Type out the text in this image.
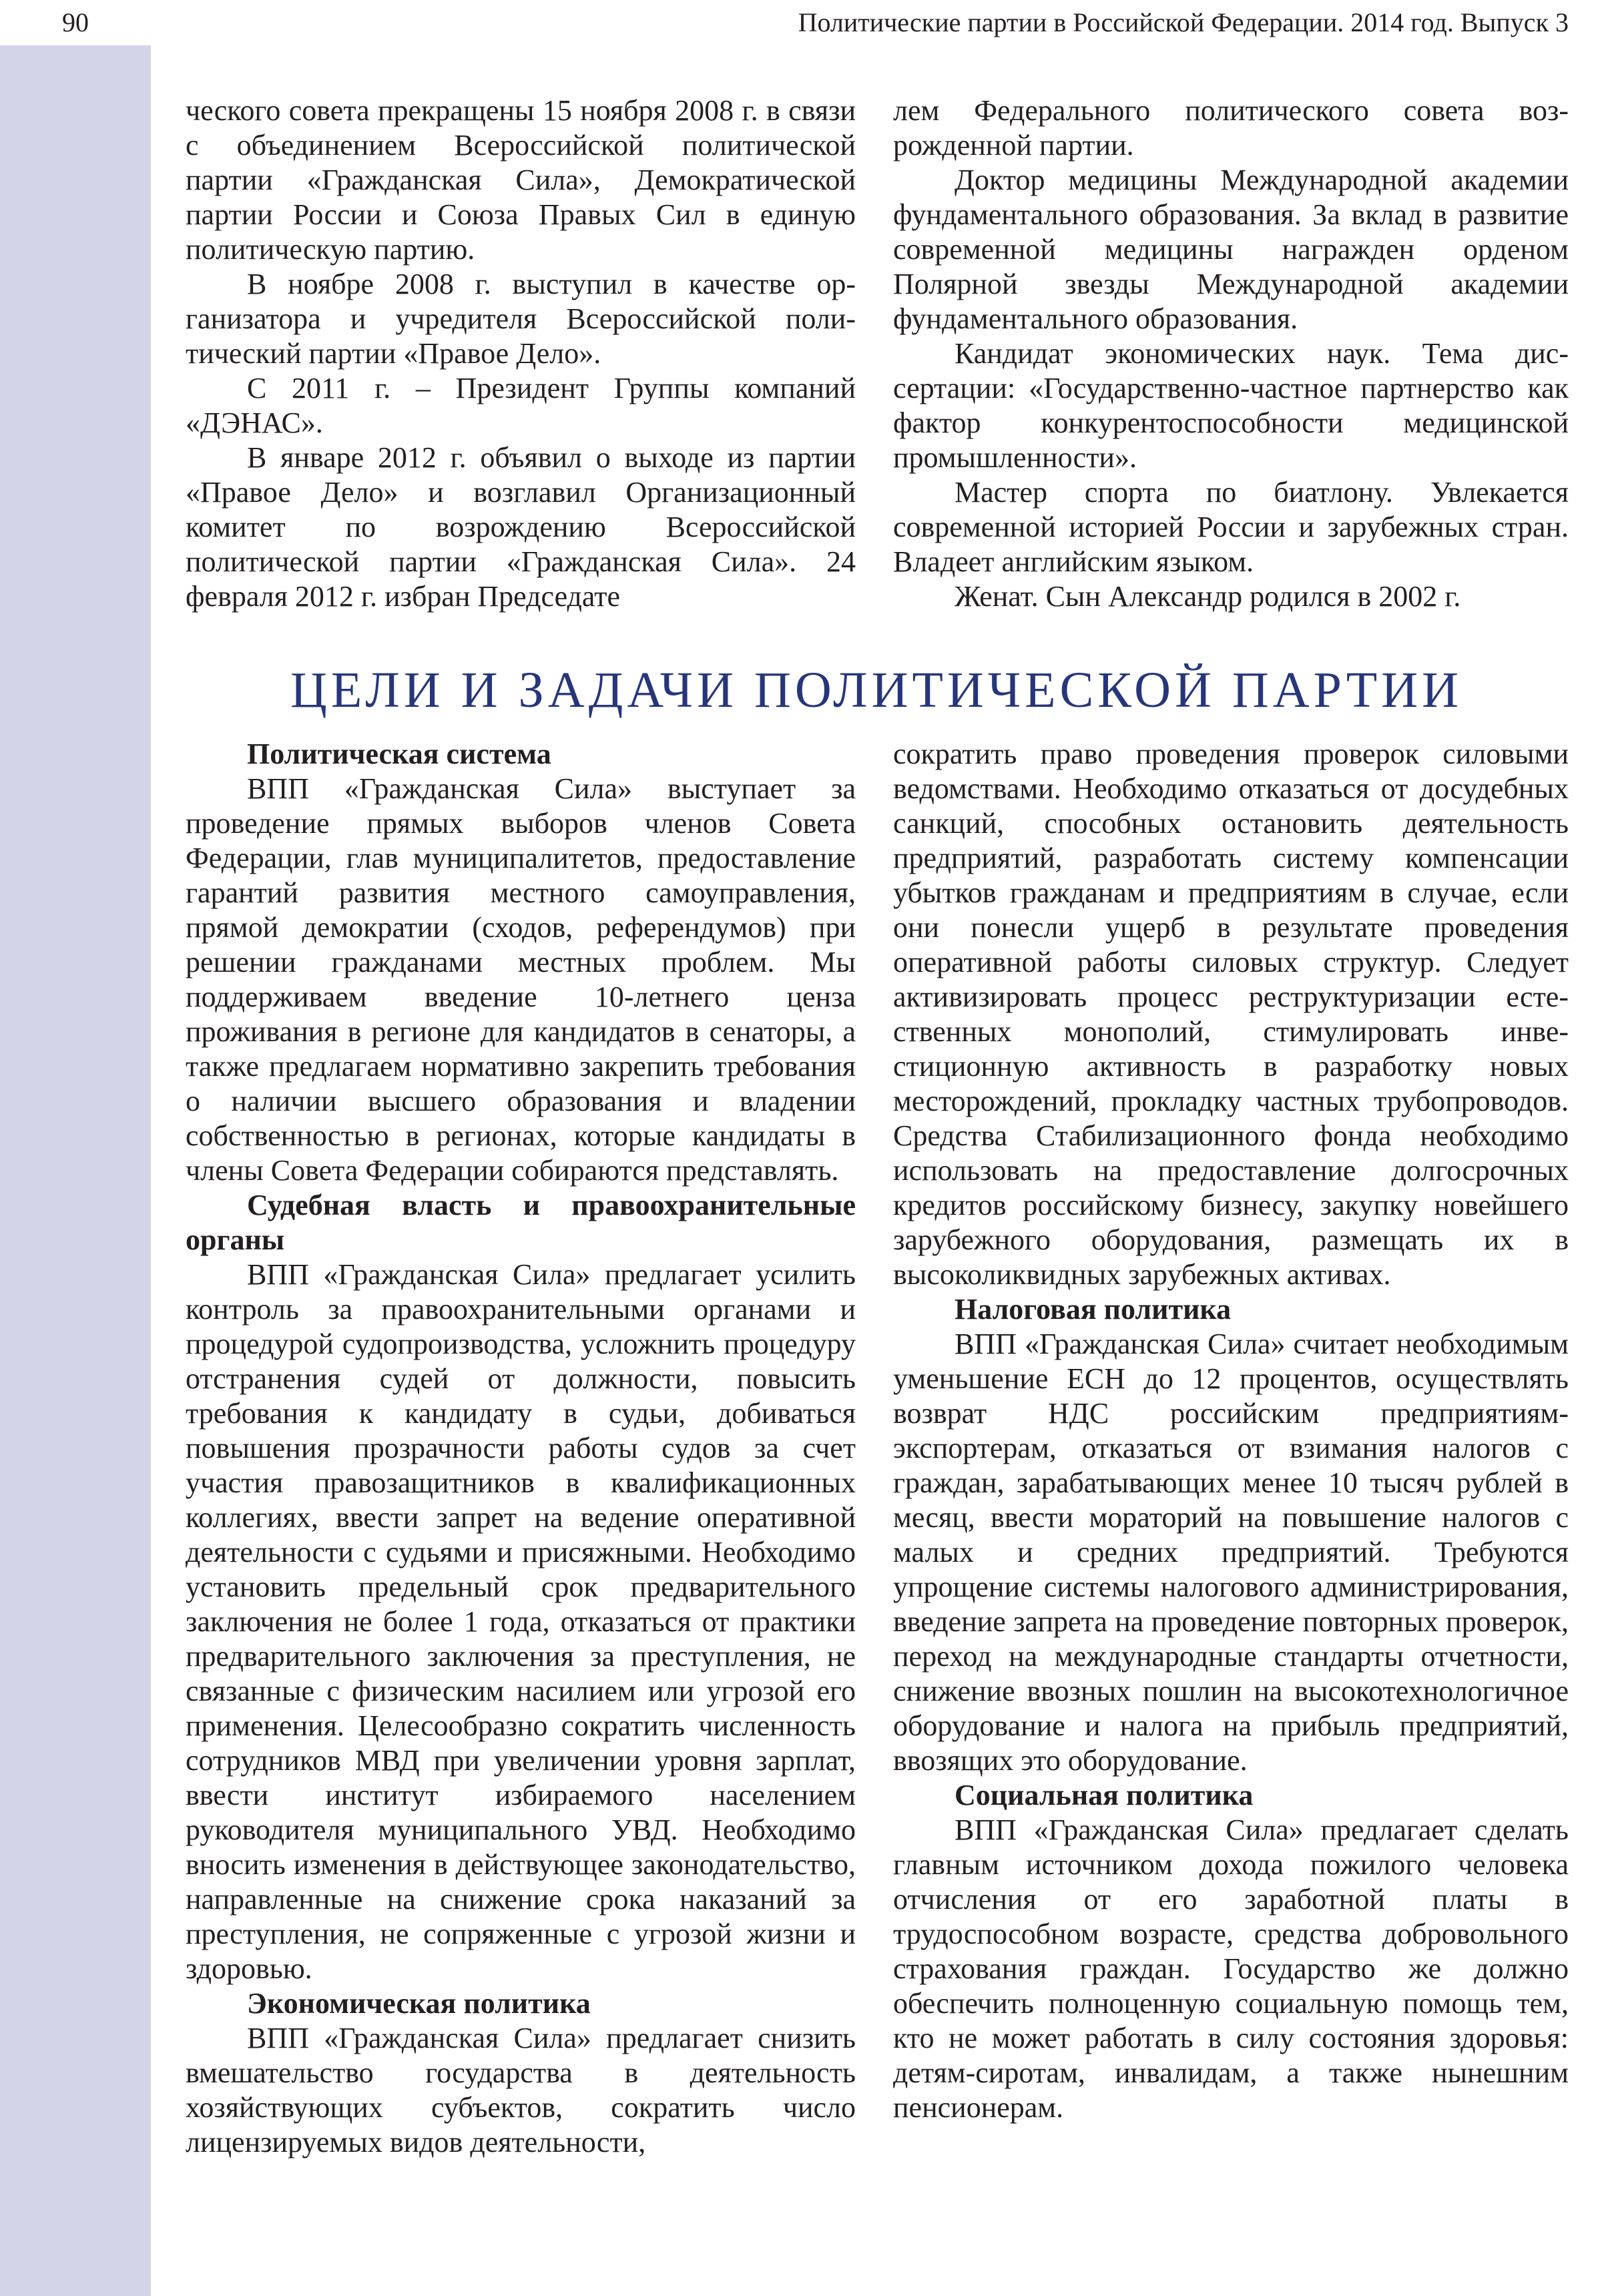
90	Политические партии в Российской Федерации. 2014 год. Выпуск 3

ческого совета прекращены 15 ноября 2008 г. в связи с объединением Всероссийской политической партии «Гражданская Сила», Демократической партии России и Союза Правых Сил в единую политическую партию.

В ноябре 2008 г. выступил в качестве организатора и учредителя Всероссийской политический партии «Правое Дело».

С 2011 г. – Президент Группы компаний «ДЭНАС».

В январе 2012 г. объявил о выходе из партии «Правое Дело» и возглавил Организационный комитет по возрождению Всероссийской политической партии «Гражданская Сила». 24 февраля 2012 г. избран Председате

лем Федерального политического совета возрожденной партии.

Доктор медицины Международной академии фундаментального образования. За вклад в развитие современной медицины награжден орденом Полярной звезды Международной академии фундаментального образования.

Кандидат экономических наук. Тема диссертации: «Государственно-частное партнерство как фактор конкурентоспособности медицинской промышленности».

Мастер спорта по биатлону. Увлекается современной историей России и зарубежных стран. Владеет английским языком.

Женат. Сын Александр родился в 2002 г.

ЦЕЛИ И ЗАДАЧИ ПОЛИТИЧЕСКОЙ ПАРТИИ
Политическая система

ВПП «Гражданская Сила» выступает за проведение прямых выборов членов Совета Федерации, глав муниципалитетов, предоставление гарантий развития местного самоуправления, прямой демократии (сходов, референдумов) при решении гражданами местных проблем. Мы поддерживаем введение 10-летнего ценза проживания в регионе для кандидатов в сенаторы, а также предлагаем нормативно закрепить требования о наличии высшего образования и владении собственностью в регионах, которые кандидаты в члены Совета Федерации собираются представлять.

Судебная власть и правоохранительные органы

ВПП «Гражданская Сила» предлагает усилить контроль за правоохранительными органами и процедурой судопроизводства, усложнить процедуру отстранения судей от должности, повысить требования к кандидату в судьи, добиваться повышения прозрачности работы судов за счет участия правозащитников в квалификационных коллегиях, ввести запрет на ведение оперативной деятельности с судьями и присяжными. Необходимо установить предельный срок предварительного заключения не более 1 года, отказаться от практики предварительного заключения за преступления, не связанные с физическим насилием или угрозой его применения. Целесообразно сократить численность сотрудников МВД при увеличении уровня зарплат, ввести институт избираемого населением руководителя муниципального УВД. Необходимо вносить изменения в действующее законодательство, направленные на снижение срока наказаний за преступления, не сопряженные с угрозой жизни и здоровью.

Экономическая политика

ВПП «Гражданская Сила» предлагает снизить вмешательство государства в деятельность хозяйствующих субъектов, сократить число лицензируемых видов деятельности,

сократить право проведения проверок силовыми ведомствами. Необходимо отказаться от досудебных санкций, способных остановить деятельность предприятий, разработать систему компенсации убытков гражданам и предприятиям в случае, если они понесли ущерб в результате проведения оперативной работы силовых структур. Следует активизировать процесс реструктуризации естественных монополий, стимулировать инвестиционную активность в разработку новых месторождений, прокладку частных трубопроводов. Средства Стабилизационного фонда необходимо использовать на предоставление долгосрочных кредитов российскому бизнесу, закупку новейшего зарубежного оборудования, размещать их в высоколиквидных зарубежных активах.

Налоговая политика

ВПП «Гражданская Сила» считает необходимым уменьшение ЕСН до 12 процентов, осуществлять возврат НДС российским предприятиям-экспортерам, отказаться от взимания налогов с граждан, зарабатывающих менее 10 тысяч рублей в месяц, ввести мораторий на повышение налогов с малых и средних предприятий. Требуются упрощение системы налогового администрирования, введение запрета на проведение повторных проверок, переход на международные стандарты отчетности, снижение ввозных пошлин на высокотехнологичное оборудование и налога на прибыль предприятий, ввозящих это оборудование.

Социальная политика

ВПП «Гражданская Сила» предлагает сделать главным источником дохода пожилого человека отчисления от его заработной платы в трудоспособном возрасте, средства добровольного страхования граждан. Государство же должно обеспечить полноценную социальную помощь тем, кто не может работать в силу состояния здоровья: детям-сиротам, инвалидам, а также нынешним пенсионерам.
